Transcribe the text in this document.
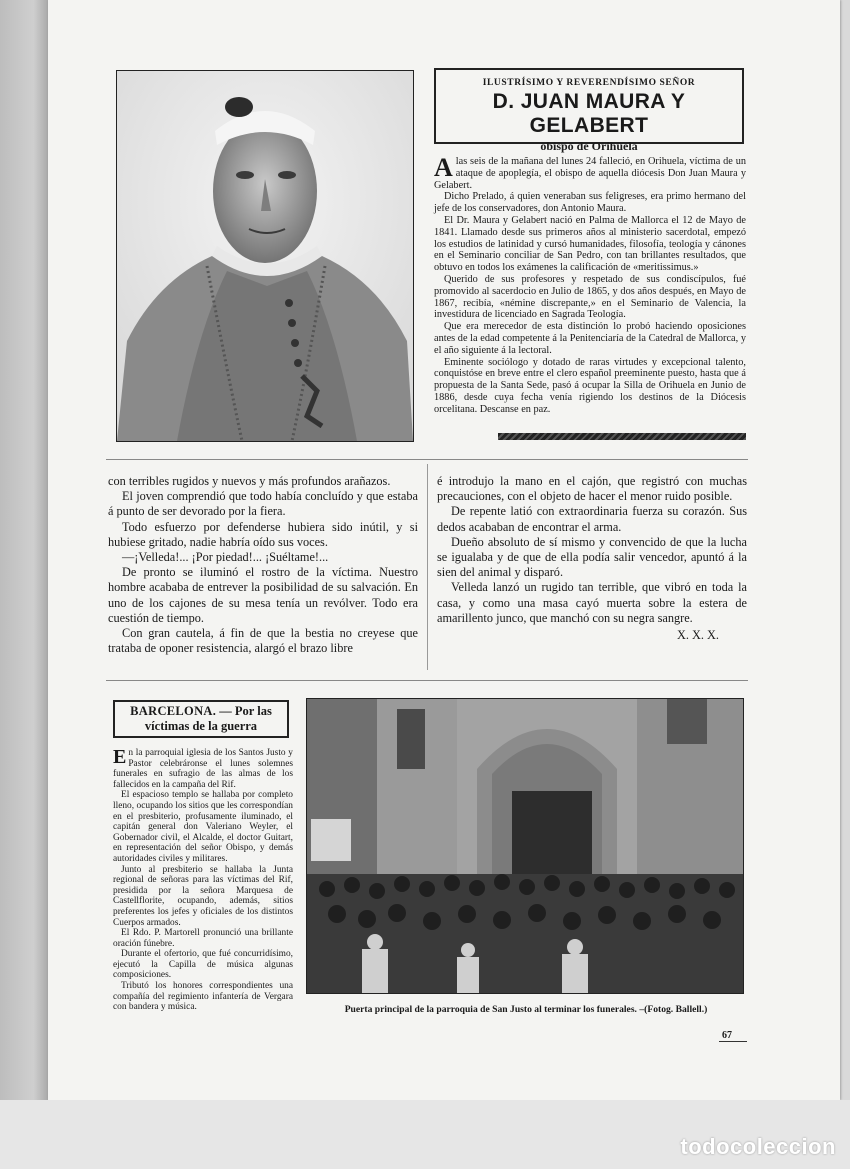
ILUSTRÍSIMO Y REVERENDÍSIMO SEÑOR
D. JUAN MAURA Y GELABERT
obispo de Orihuela

Alas seis de la mañana del lunes 24 falleció, en Orihuela, víctima de un ataque de apoplegía, el obispo de aquella diócesis Don Juan Maura y Gelabert.

Dicho Prelado, á quien veneraban sus feligreses, era primo hermano del jefe de los conservadores, don Antonio Maura.

El Dr. Maura y Gelabert nació en Palma de Mallorca el 12 de Mayo de 1841. Llamado desde sus primeros años al ministerio sacerdotal, empezó los estudios de latinidad y cursó humanidades, filosofía, teología y cánones en el Seminario conciliar de San Pedro, con tan brillantes resultados, que obtuvo en todos los exámenes la calificación de «meritissimus.»

Querido de sus profesores y respetado de sus condiscípulos, fué promovido al sacerdocio en Julio de 1865, y dos años después, en Mayo de 1867, recibía, «némine discrepante,» en el Seminario de Valencia, la investidura de licenciado en Sagrada Teología.

Que era merecedor de esta distinción lo probó haciendo oposiciones antes de la edad competente á la Penitenciaría de la Catedral de Mallorca, y el año siguiente á la lectoral.

Eminente sociólogo y dotado de raras virtudes y excepcional talento, conquistóse en breve entre el clero español preeminente puesto, hasta que á propuesta de la Santa Sede, pasó á ocupar la Silla de Orihuela en Junio de 1886, desde cuya fecha venía rigiendo los destinos de la Diócesis orcelitana. Descanse en paz.

con terribles rugidos y nuevos y más profundos arañazos.

El joven comprendió que todo había concluído y que estaba á punto de ser devorado por la fiera.

Todo esfuerzo por defenderse hubiera sido inútil, y si hubiese gritado, nadie habría oído sus voces.

—¡Velleda!... ¡Por piedad!... ¡Suéltame!...

De pronto se iluminó el rostro de la víctima. Nuestro hombre acababa de entrever la posibilidad de su salvación. En uno de los cajones de su mesa tenía un revólver. Todo era cuestión de tiempo.

Con gran cautela, á fin de que la bestia no creyese que trataba de oponer resistencia, alargó el brazo libre

é introdujo la mano en el cajón, que registró con muchas precauciones, con el objeto de hacer el menor ruido posible.

De repente latió con extraordinaria fuerza su corazón. Sus dedos acababan de encontrar el arma.

Dueño absoluto de sí mismo y convencido de que la lucha se igualaba y de que de ella podía salir vencedor, apuntó á la sien del animal y disparó.

Velleda lanzó un rugido tan terrible, que vibró en toda la casa, y como una masa cayó muerta sobre la estera de amarillento junco, que manchó con su negra sangre.

X. X. X.

BARCELONA. — Por las
víctimas de la guerra

En la parroquial iglesia de los Santos Justo y Pastor celebráronse el lunes solemnes funerales en sufragio de las almas de los fallecidos en la campaña del Rif.

El espacioso templo se hallaba por completo lleno, ocupando los sitios que les correspondían en el presbiterio, profusamente iluminado, el capitán general don Valeriano Weyler, el Gobernador civil, el Alcalde, el doctor Guitart, en representación del señor Obispo, y demás autoridades civiles y militares.

Junto al presbiterio se hallaba la Junta regional de señoras para las víctimas del Rif, presidida por la señora Marquesa de Castellflorite, ocupando, además, sitios preferentes los jefes y oficiales de los distintos Cuerpos armados.

El Rdo. P. Martorell pronunció una brillante oración fúnebre.

Durante el ofertorio, que fué concurridísimo, ejecutó la Capilla de música algunas composiciones.

Tributó los honores correspondientes una compañía del regimiento infantería de Vergara con bandera y música.	Puerta principal de la parroquia de San Justo al terminar los funerales. –(Fotog. Ballell.)
67
todocoleccion
